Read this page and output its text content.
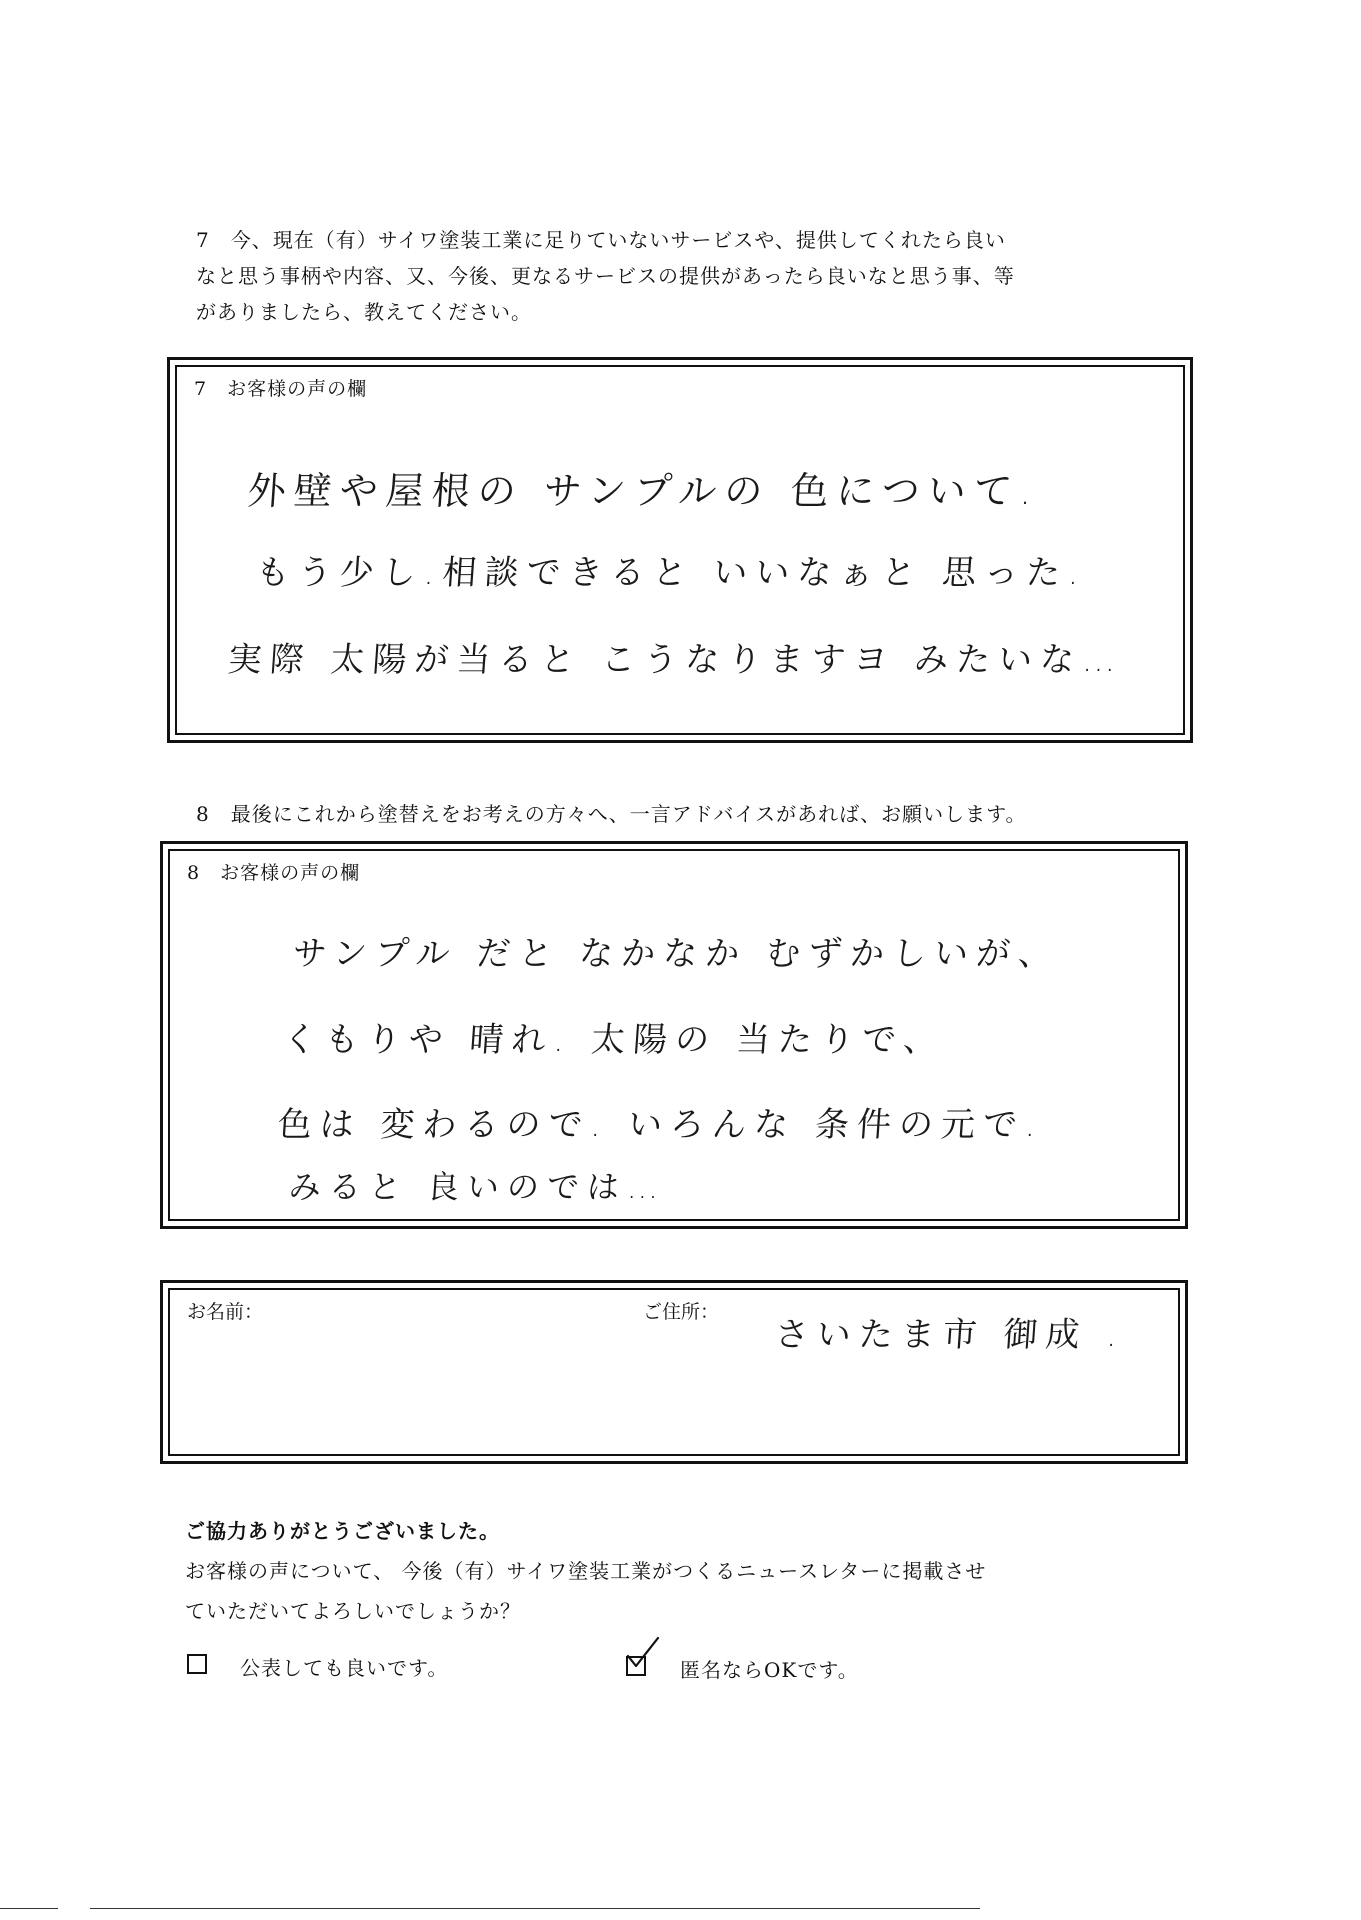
7　今、現在（有）サイワ塗装工業に足りていないサービスや、提供してくれたら良い
なと思う事柄や内容、又、今後、更なるサービスの提供があったら良いなと思う事、等
がありましたら、教えてください。
7　お客様の声の欄
外壁や屋根の サンプルの 色について.
もう少し.相談できると いいなぁと 思った.
実際 太陽が当ると こうなりますヨ みたいな…
8　最後にこれから塗替えをお考えの方々へ、一言アドバイスがあれば、お願いします。
8　お客様の声の欄
サンプル だと なかなか むずかしいが、
くもりや 晴れ. 太陽の 当たりで、
色は 変わるので. いろんな 条件の元で.
みると 良いのでは…
お名前：	ご住所：
さいたま市 御成 .
ご協力ありがとうございました。
お客様の声について、 今後（有）サイワ塗装工業がつくるニュースレターに掲載させ
ていただいてよろしいでしょうか？
公表しても良いです。	匿名ならOKです。
